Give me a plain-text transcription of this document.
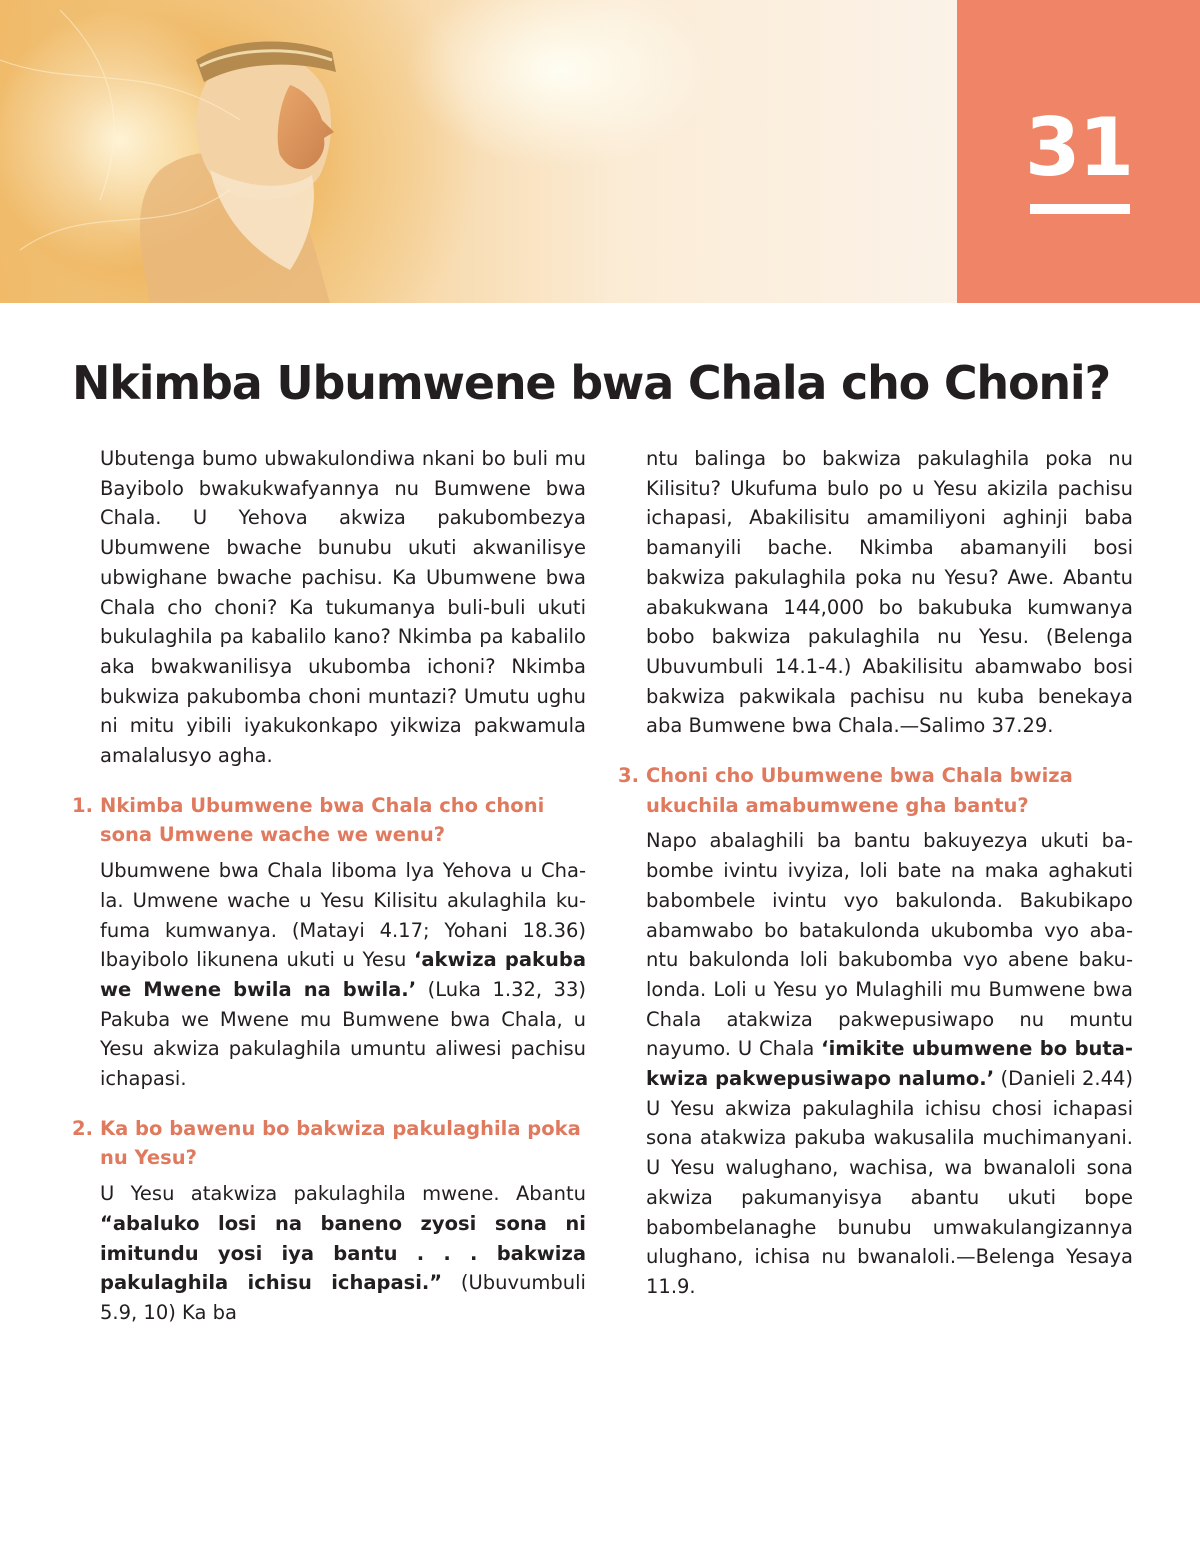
31
Nkimba Ubumwene bwa Chala cho Choni?

Ubutenga bumo ubwakulondiwa nkani bo buli mu Bayibolo bwakukwafyannya nu Bumwene bwa Chala. U Yehova akwiza pakubombezya Ubumwene bwache bunubu ukuti akwanilisye ubwighane bwache pachisu. Ka Ubumwene bwa Chala cho choni? Ka tukumanya buli-buli ukuti bukulaghila pa kabalilo kano? Nkimba pa kabalilo aka bwakwanilisya ukubomba ichoni? Nkimba bukwiza pakubomba choni muntazi? Umutu ughu ni mitu yibili iyakukonkapo yikwiza pakwamula amalalusyo agha.

1. Nkimba Ubumwene bwa Chala cho choni sona Umwene wache we wenu?

Ubumwene bwa Chala liboma lya Yehova u Chala. Umwene wache u Yesu Kilisitu akulaghila kufuma kumwanya. (Matayi 4.17; Yohani 18.36) Ibayibolo likunena ukuti u Yesu ‘akwiza pakuba we Mwene bwila na bwila.’ (Luka 1.32, 33) Pakuba we Mwene mu Bumwene bwa Chala, u Yesu akwiza pakulaghila umuntu aliwesi pachisu ichapasi.

2. Ka bo bawenu bo bakwiza pakulaghila poka nu Yesu?

U Yesu atakwiza pakulaghila mwene. Abantu “abaluko losi na baneno zyosi sona ni imitundu yosi iya bantu . . . bakwiza pakulaghila ichisu ichapasi.” (Ubuvumbuli 5.9, 10) Ka ba

ntu balinga bo bakwiza pakulaghila poka nu Kilisitu? Ukufuma bulo po u Yesu akizila pachisu ichapasi, Abakilisitu amamiliyoni aghinji baba bamanyili bache. Nkimba abamanyili bosi bakwiza pakulaghila poka nu Yesu? Awe. Abantu abakukwana 144,000 bo bakubuka kumwanya bobo bakwiza pakulaghila nu Yesu. (Belenga Ubuvumbuli 14.1-4.) Abakilisitu abamwabo bosi bakwiza pakwikala pachisu nu kuba benekaya aba Bumwene bwa Chala.—Salimo 37.29.

3. Choni cho Ubumwene bwa Chala bwiza ukuchila amabumwene gha bantu?

Napo abalaghili ba bantu bakuyezya ukuti babombe ivintu ivyiza, loli bate na maka aghakuti babombele ivintu vyo bakulonda. Bakubikapo abamwabo bo batakulonda ukubomba vyo abantu bakulonda loli bakubomba vyo abene bakulonda. Loli u Yesu yo Mulaghili mu Bumwene bwa Chala atakwiza pakwepusiwapo nu muntu nayumo. U Chala ‘imikite ubumwene bo butakwiza pakwepusiwapo nalumo.’ (Danieli 2.44) U Yesu akwiza pakulaghila ichisu chosi ichapasi sona atakwiza pakuba wakusalila muchimanyani. U Yesu walughano, wachisa, wa bwanaloli sona akwiza pakumanyisya abantu ukuti bope babombelanaghe bunubu umwakulangizannya ulughano, ichisa nu bwanaloli.—Belenga Yesaya 11.9.
